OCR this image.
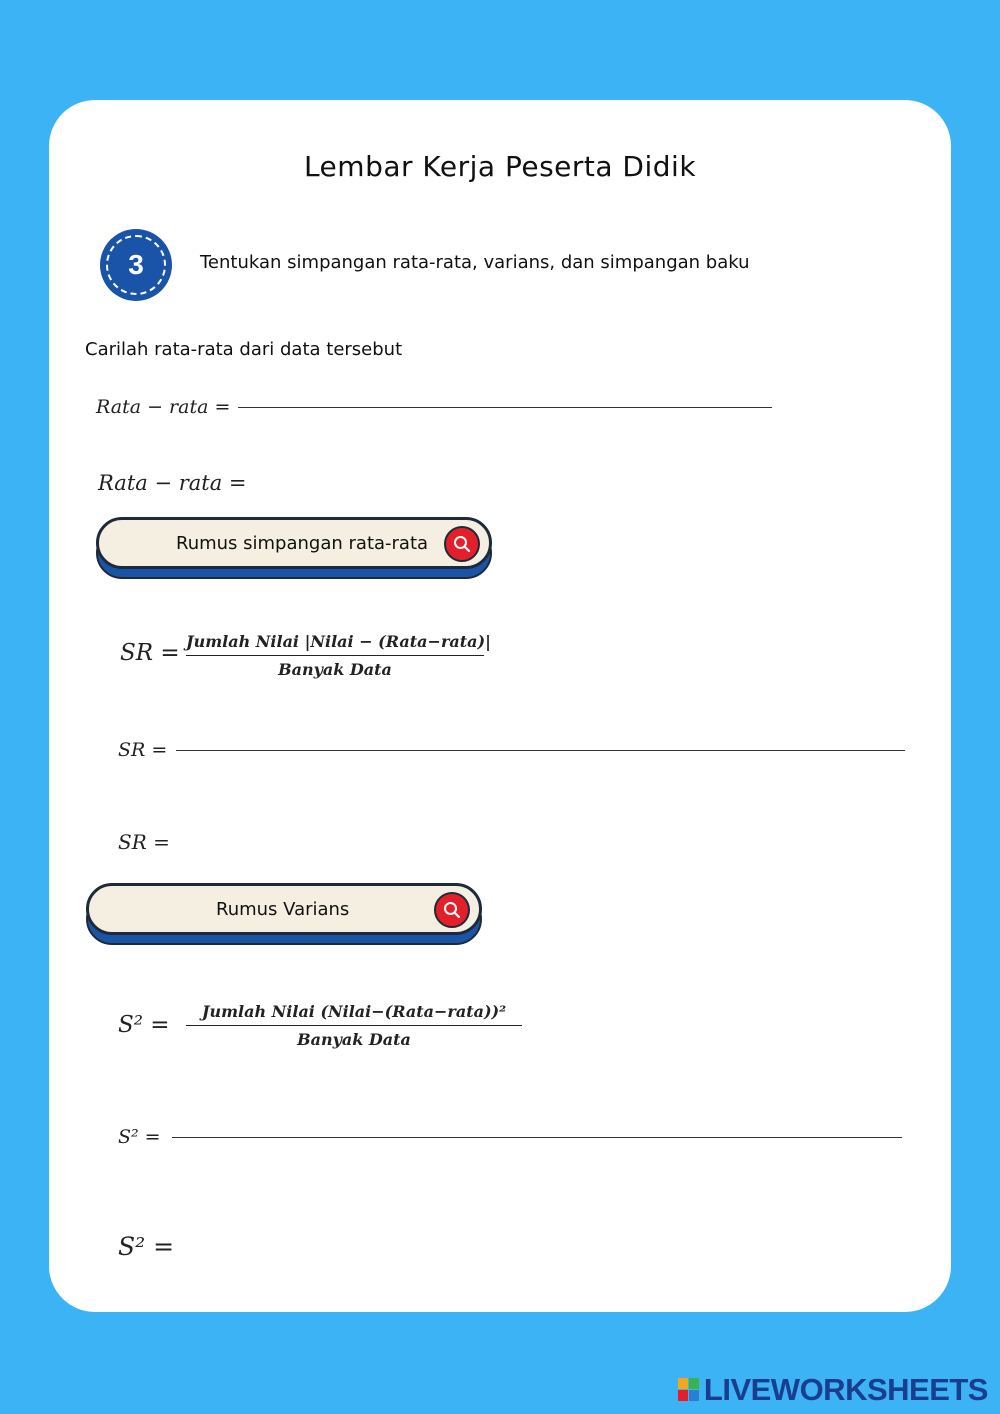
Lembar Kerja Peserta Didik
3	Tentukan simpangan rata-rata, varians, dan simpangan baku
Carilah rata-rata dari data tersebut
Rata − rata =
Rata − rata =
Rumus simpangan rata-rata
SR = Jumlah Nilai |Nilai − (Rata−rata)|
Banyak Data
SR =
SR =
Rumus Varians
S² =
Jumlah Nilai (Nilai−(Rata−rata))²
Banyak Data
S² =
S² =
LIVEWORKSHEETS
